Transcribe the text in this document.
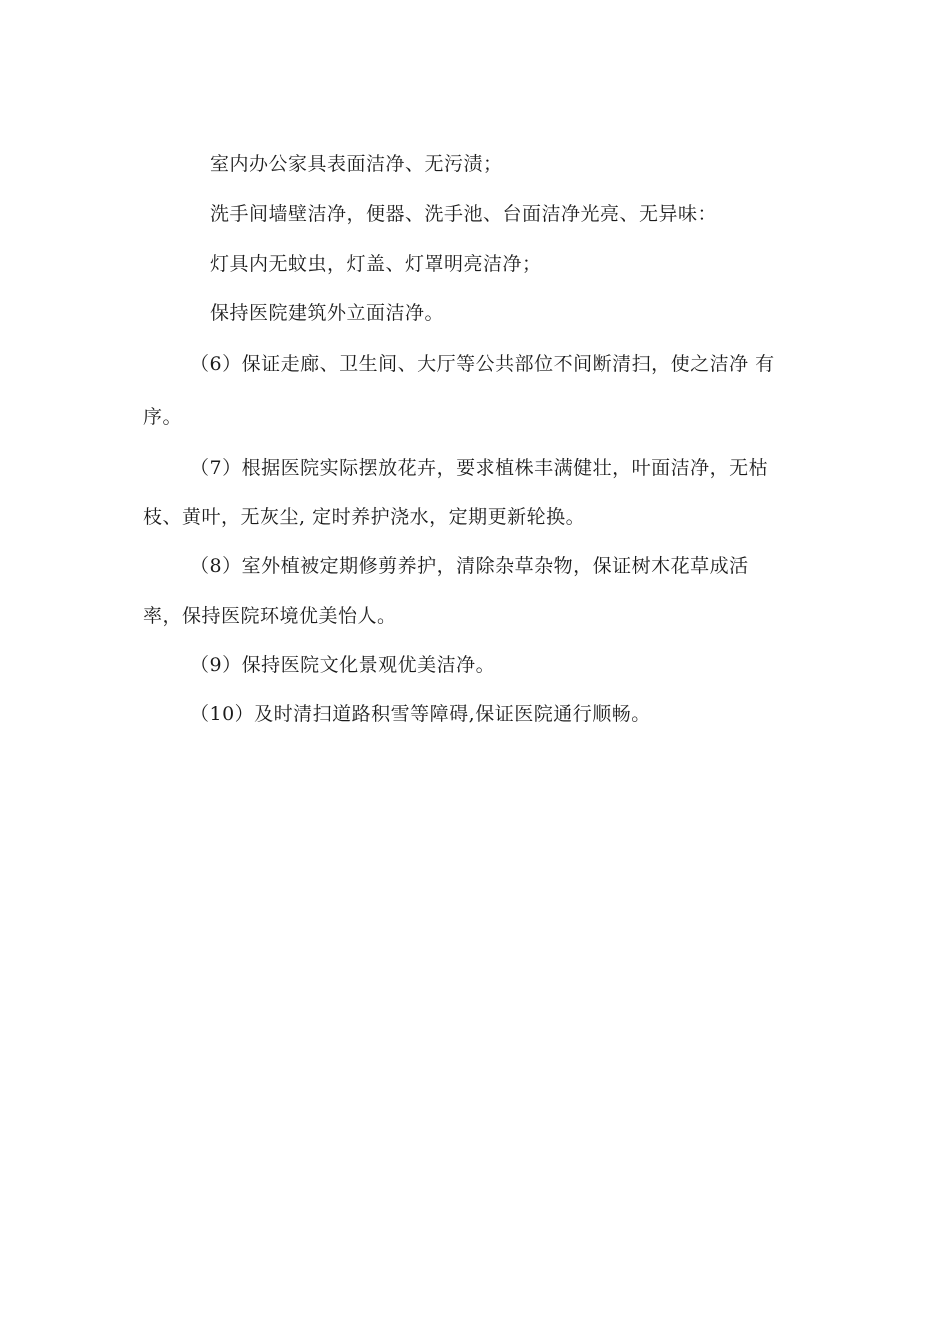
室内办公家具表面洁净、无污渍；
洗手间墙壁洁净，便器、洗手池、台面洁净光亮、无异味：
灯具内无蚊虫，灯盖、灯罩明亮洁净；
保持医院建筑外立面洁净。
（6）保证走廊、卫生间、大厅等公共部位不间断清扫，使之洁净 有
序。
（7）根据医院实际摆放花卉，要求植株丰满健壮，叶面洁净，无枯
枝、黄叶，无灰尘, 定时养护浇水，定期更新轮换。
（8）室外植被定期修剪养护，清除杂草杂物，保证树木花草成活
率，保持医院环境优美怡人。
（9）保持医院文化景观优美洁净。
（10）及时清扫道路积雪等障碍,保证医院通行顺畅。
